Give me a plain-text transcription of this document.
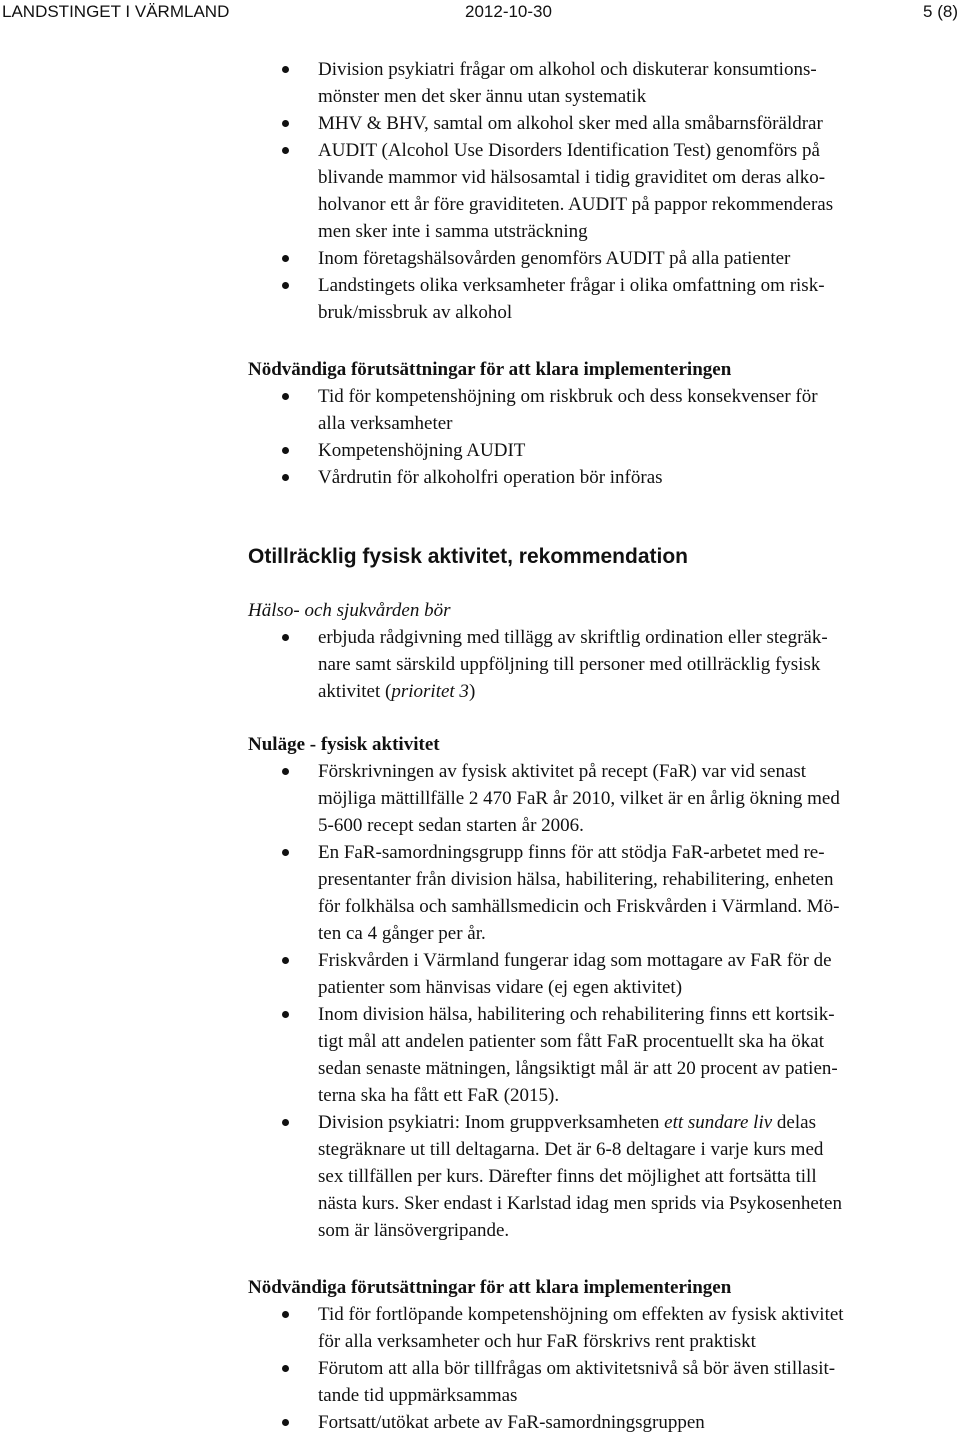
LANDSTINGET I VÄRMLAND	2012-10-30	5 (8)
Division psykiatri frågar om alkohol och diskuterar konsumtions-
mönster men det sker ännu utan systematik
MHV & BHV, samtal om alkohol sker med alla småbarnsföräldrar
AUDIT (Alcohol Use Disorders Identification Test) genomförs på
blivande mammor vid hälsosamtal i tidig graviditet om deras alko-
holvanor ett år före graviditeten. AUDIT på pappor rekommenderas
men sker inte i samma utsträckning
Inom företagshälsovården genomförs AUDIT på alla patienter
Landstingets olika verksamheter frågar i olika omfattning om risk-
bruk/missbruk av alkohol
Nödvändiga förutsättningar för att klara implementeringen
Tid för kompetenshöjning om riskbruk och dess konsekvenser för
alla verksamheter
Kompetenshöjning AUDIT
Vårdrutin för alkoholfri operation bör införas
Otillräcklig fysisk aktivitet, rekommendation
Hälso- och sjukvården bör
erbjuda rådgivning med tillägg av skriftlig ordination eller stegräk-
nare samt särskild uppföljning till personer med otillräcklig fysisk
aktivitet (prioritet 3)
Nuläge - fysisk aktivitet
Förskrivningen av fysisk aktivitet på recept (FaR) var vid senast
möjliga mättillfälle 2 470 FaR år 2010, vilket är en årlig ökning med
5-600 recept sedan starten år 2006.
En FaR-samordningsgrupp finns för att stödja FaR-arbetet med re-
presentanter från division hälsa, habilitering, rehabilitering, enheten
för folkhälsa och samhällsmedicin och Friskvården i Värmland. Mö-
ten ca 4 gånger per år.
Friskvården i Värmland fungerar idag som mottagare av FaR för de
patienter som hänvisas vidare (ej egen aktivitet)
Inom division hälsa, habilitering och rehabilitering finns ett kortsik-
tigt mål att andelen patienter som fått FaR procentuellt ska ha ökat
sedan senaste mätningen, långsiktigt mål är att 20 procent av patien-
terna ska ha fått ett FaR (2015).
Division psykiatri: Inom gruppverksamheten ett sundare liv delas
stegräknare ut till deltagarna. Det är 6-8 deltagare i varje kurs med
sex tillfällen per kurs. Därefter finns det möjlighet att fortsätta till
nästa kurs. Sker endast i Karlstad idag men sprids via Psykosenheten
som är länsövergripande.
Nödvändiga förutsättningar för att klara implementeringen
Tid för fortlöpande kompetenshöjning om effekten av fysisk aktivitet
för alla verksamheter och hur FaR förskrivs rent praktiskt
Förutom att alla bör tillfrågas om aktivitetsnivå så bör även stillasit-
tande tid uppmärksammas
Fortsatt/utökat arbete av FaR-samordningsgruppen
